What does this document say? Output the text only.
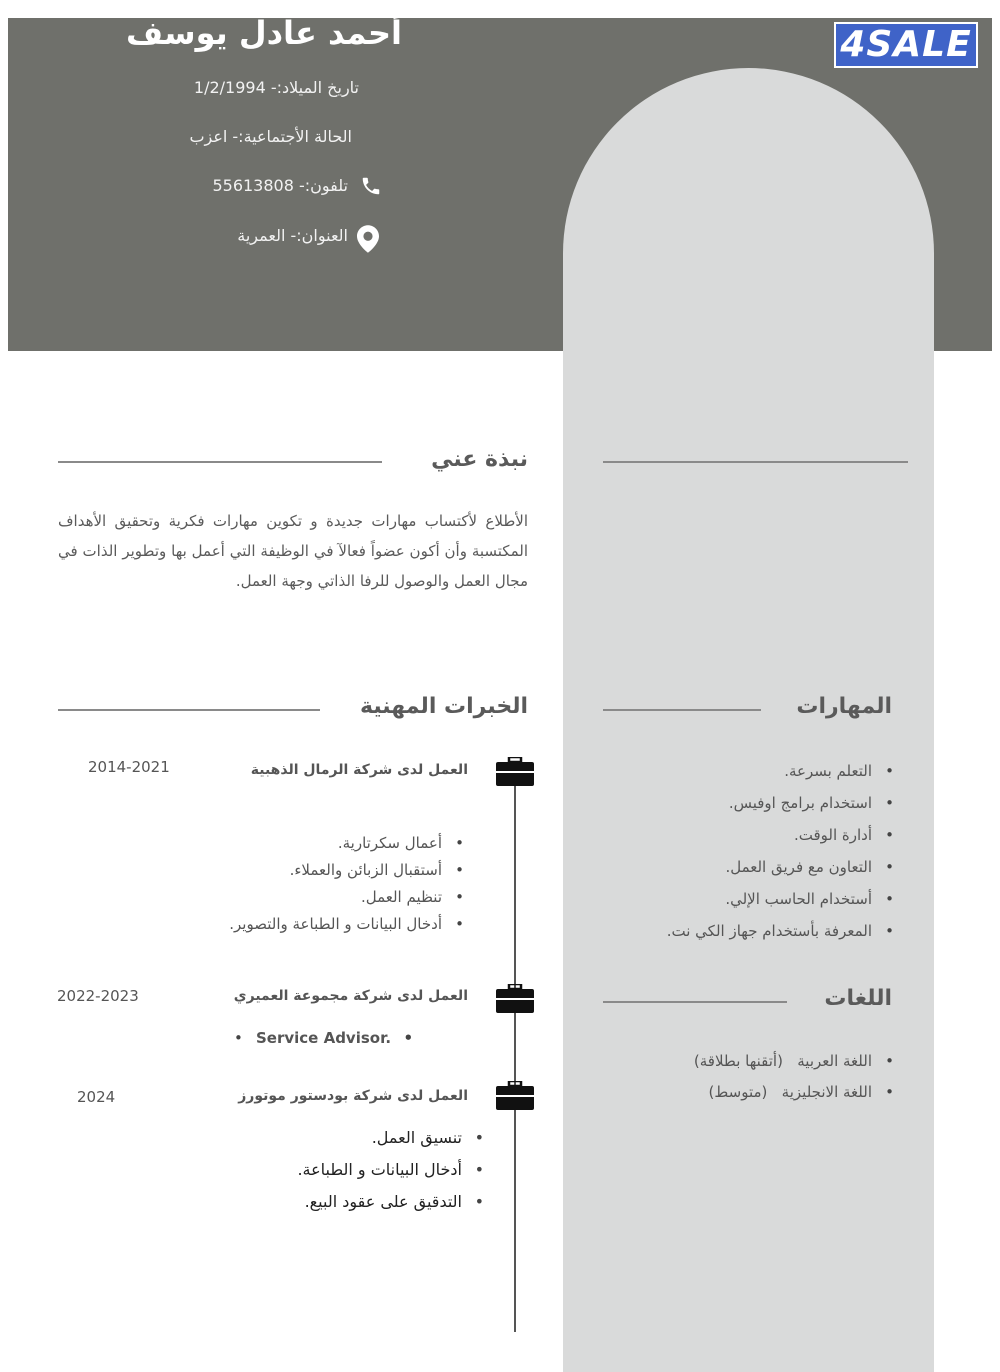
4SALE
أحمد عادل يوسف
تاريخ الميلاد:- 1/2/1994
الحالة الأجتماعية:- اعزب
تلفون:- 55613808
العنوان:- العمرية
نبذة عني
الأطلاع لأكتساب مهارات جديدة و تكوين مهارات فكرية وتحقيق الأهداف المكتسبة وأن أكون عضواً فعالآ في الوظيفة التي أعمل بها وتطوير الذات في مجال العمل والوصول للرفا الذاتي وجهة العمل.
الخبرات المهنية
العمل لدى شركة الرمال الذهبية
2014-2021
• أعمال سكرتارية.
• أستقبال الزبائن والعملاء.
• تنظيم العمل.
• أدخال البيانات و الطباعة والتصوير.
العمل لدى شركة مجموعة العميري
2022-2023
• Service Advisor.
•
العمل لدى شركة بودستور موتورز
2024
• تنسيق العمل.
• أدخال البيانات و الطباعة.
• التدقيق على عقود البيع.
المهارات
• التعلم بسرعة.
• استخدام برامج اوفيس.
• أدارة الوقت.
• التعاون مع فريق العمل.
• أستخدام الحاسب الإلي.
• المعرفة بأستخدام جهاز الكي نت.
اللغات
• اللغة العربية   (أتقنها بطلاقة)
• اللغة الانجليزية   (متوسط)
